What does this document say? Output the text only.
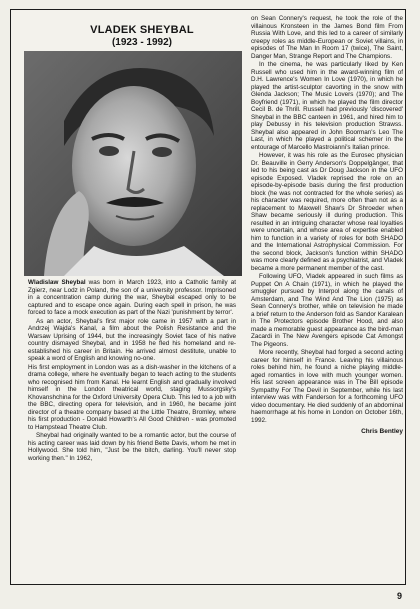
VLADEK SHEYBAL
(1923 - 1992)

Wladislaw Sheybal was born in March 1923, into a Catholic family at Zgierz, near Lodz in Poland, the son of a university professor. Imprisoned in a concentration camp during the war, Sheybal escaped only to be captured and to escape once again. During each spell in prison, he was forced to face a mock execution as part of the Nazi 'punishment by terror'.

As an actor, Sheybal's first major role came in 1957 with a part in Andrzej Wajda's Kanal, a film about the Polish Resistance and the Warsaw Uprising of 1944, but the increasingly Soviet face of his native country dismayed Sheybal, and in 1958 he fled his homeland and re-established his career in Britain. He arrived almost destitute, unable to speak a word of English and knowing no-one.

His first employment in London was as a dish-washer in the kitchens of a drama college, where he eventually began to teach acting to the students who recognised him from Kanal. He learnt English and gradually involved himself in the London theatrical world, staging Mussorgsky's Khovanshchina for the Oxford University Opera Club. This led to a job with the BBC, directing opera for television, and in 1960, he became joint director of a theatre company based at the Little Theatre, Bromley, where his first production - Donald Howarth's All Good Children - was promoted to Hampstead Theatre Club.

Sheybal had originally wanted to be a romantic actor, but the course of his acting career was laid down by his friend Bette Davis, whom he met in Hollywood. She told him, "Just be the bitch, darling. You'll never stop working then." In 1962,

on Sean Connery's request, he took the role of the villainous Kronsteen in the James Bond film From Russia With Love, and this led to a career of similarly creepy roles as middle-European or Soviet villains, in episodes of The Man In Room 17 (twice), The Saint, Danger Man, Strange Report and The Champions.

In the cinema, he was particularly liked by Ken Russell who used him in the award-winning film of D.H. Lawrence's Women In Love (1970), in which he played the artist-sculptor cavorting in the snow with Glenda Jackson; The Music Lovers (1970); and The Boyfriend (1971), in which he played the film director Cecil B. de Thrill. Russell had previously 'discovered' Sheybal in the BBC canteen in 1961, and hired him to play Debussy in his television production Strawss. Sheybal also appeared in John Boorman's Leo The Last, in which he played a political schemer in the entourage of Marcello Mastroianni's Italian prince.

However, it was his role as the Eurosec physician Dr. Beauville in Gerry Anderson's Doppelgänger, that led to his being cast as Dr Doug Jackson in the UFO episode Exposed. Vladek reprised the role on an episode-by-episode basis during the first production block (he was not contracted for the whole series) as his character was required, more often than not as a replacement to Maxwell Shaw's Dr Shroeder when Shaw became seriously ill during production. This resulted in an intriguing character whose real loyalties were uncertain, and whose area of expertise enabled him to function in a variety of roles for both SHADO and the International Astrophysical Commission. For the second block, Jackson's function within SHADO was more clearly defined as a psychiatrist, and Vladek became a more permanent member of the cast.

Following UFO, Vladek appeared in such films as Puppet On A Chain (1971), in which he played the smuggler pursued by Interpol along the canals of Amsterdam, and The Wind And The Lion (1975) as Sean Connery's brother, while on television he made a brief return to the Anderson fold as Sandor Karalean in The Protectors episode Brother Hood, and also made a memorable guest appearance as the bird-man Zacardi in The New Avengers episode Cat Amongst The Pigeons.

More recently, Sheybal had forged a second acting career for himself in France. Leaving his villainous roles behind him, he found a niche playing middle-aged romantics in love with much younger women. His last screen appearance was in The Bill episode Sympathy For The Devil in September, while his last interview was with Fanderson for a forthcoming UFO video documentary. He died suddenly of an abdominal haemorrhage at his home in London on October 16th, 1992.

Chris Bentley
9
